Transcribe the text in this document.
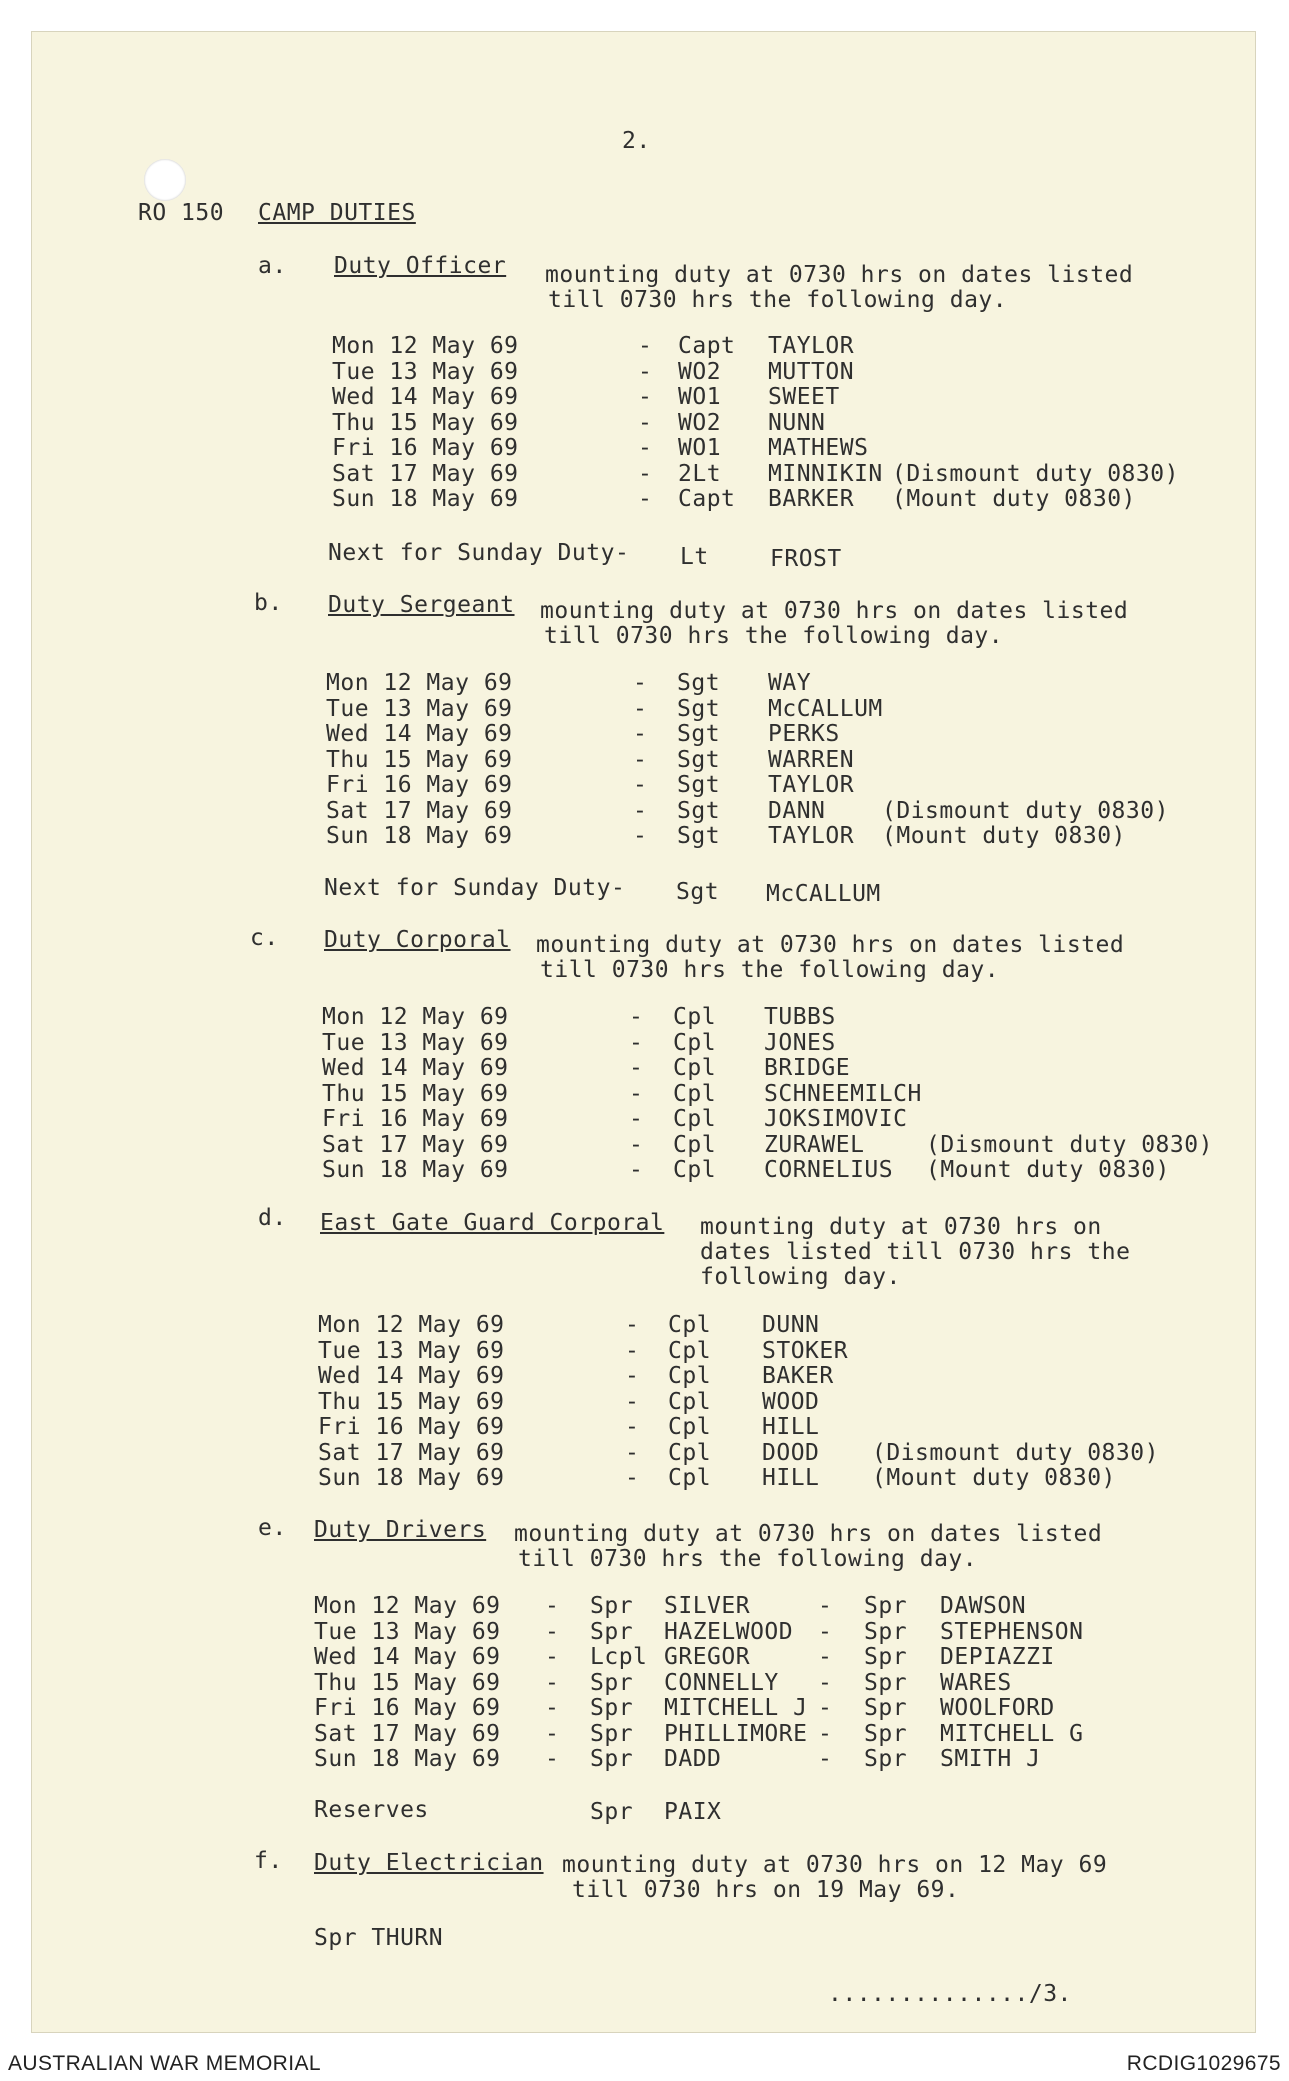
2.
RO 150 CAMP DUTIES
a. Duty Officer mounting duty at 0730 hrs on dates listed
till 0730 hrs the following day.
Mon 12 May 69	- Capt TAYLOR
Tue 13 May 69	- WO2 MUTTON
Wed 14 May 69	- WO1 SWEET
Thu 15 May 69	- WO2 NUNN
Fri 16 May 69	- WO1 MATHEWS
Sat 17 May 69	- 2Lt MINNIKIN (Dismount duty 0830)
Sun 18 May 69	- Capt BARKER (Mount duty 0830)
Next for Sunday Duty- Lt	FROST
b. Duty Sergeant mounting duty at 0730 hrs on dates listed
till 0730 hrs the following day.
Mon 12 May 69	- Sgt WAY
Tue 13 May 69	- Sgt McCALLUM
Wed 14 May 69	- Sgt PERKS
Thu 15 May 69	- Sgt WARREN
Fri 16 May 69	- Sgt TAYLOR
Sat 17 May 69	- Sgt DANN (Dismount duty 0830)
Sun 18 May 69	- Sgt TAYLOR (Mount duty 0830)
Next for Sunday Duty- Sgt McCALLUM
c. Duty Corporal mounting duty at 0730 hrs on dates listed
till 0730 hrs the following day.
Mon 12 May 69	- Cpl TUBBS
Tue 13 May 69	- Cpl JONES
Wed 14 May 69	- Cpl BRIDGE
Thu 15 May 69	- Cpl SCHNEEMILCH
Fri 16 May 69	- Cpl JOKSIMOVIC
Sat 17 May 69	- Cpl ZURAWEL	(Dismount duty 0830)
Sun 18 May 69	- Cpl CORNELIUS (Mount duty 0830)
d. East Gate Guard Corporal mounting duty at 0730 hrs on
dates listed till 0730 hrs the
following day.
Mon 12 May 69	- Cpl DUNN
Tue 13 May 69	- Cpl STOKER
Wed 14 May 69	- Cpl BAKER
Thu 15 May 69	- Cpl WOOD
Fri 16 May 69	- Cpl HILL
Sat 17 May 69	- Cpl DOOD (Dismount duty 0830)
Sun 18 May 69	- Cpl HILL (Mount duty 0830)
e. Duty Drivers mounting duty at 0730 hrs on dates listed
till 0730 hrs the following day.
Mon 12 May 69 - Spr SILVER	- Spr DAWSON
Tue 13 May 69 - Spr HAZELWOOD - Spr STEPHENSON
Wed 14 May 69 - Lcpl GREGOR	- Spr DEPIAZZI
Thu 15 May 69 - Spr CONNELLY - Spr WARES
Fri 16 May 69 - Spr MITCHELL J - Spr WOOLFORD
Sat 17 May 69 - Spr PHILLIMORE - Spr MITCHELL G
Sun 18 May 69 - Spr DADD	- Spr SMITH J
Reserves	Spr PAIX
f. Duty Electrician mounting duty at 0730 hrs on 12 May 69
till 0730 hrs on 19 May 69.
Spr THURN
............../3.
AUSTRALIAN WAR MEMORIAL	RCDIG1029675
